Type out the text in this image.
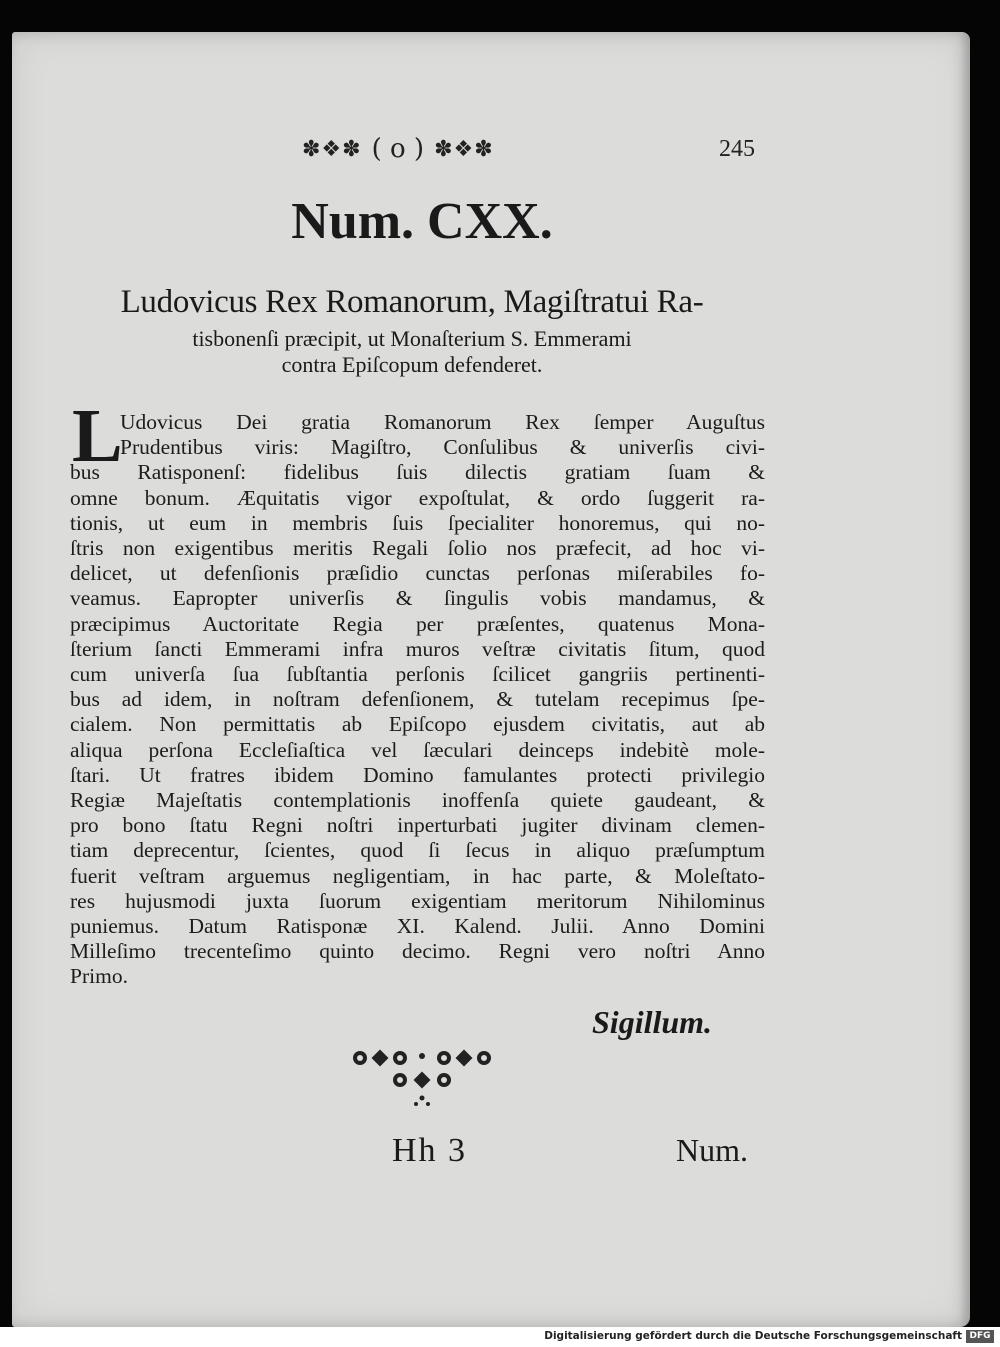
✽❖✽ ( o ) ✽❖✽	245
Num. CXX.
Ludovicus Rex Romanorum, Magiſtratui Ra-
tisbonenſi præcipit, ut Monaſterium S. Emmerami
contra Epiſcopum defenderet.
L
Udovicus Dei gratia Romanorum Rex ſemper Auguſtus
Prudentibus viris: Magiſtro, Conſulibus & univerſis civi-
bus Ratisponenſ: fidelibus ſuis dilectis gratiam ſuam &
omne bonum. Æquitatis vigor expoſtulat, & ordo ſuggerit ra-
tionis, ut eum in membris ſuis ſpecialiter honoremus, qui no-
ſtris non exigentibus meritis Regali ſolio nos præfecit, ad hoc vi-
delicet, ut defenſionis præſidio cunctas perſonas miſerabiles fo-
veamus. Eapropter univerſis & ſingulis vobis mandamus, &
præcipimus Auctoritate Regia per præſentes, quatenus Mona-
ſterium ſancti Emmerami infra muros veſtræ civitatis ſitum, quod
cum univerſa ſua ſubſtantia perſonis ſcilicet gangriis pertinenti-
bus ad idem, in noſtram defenſionem, & tutelam recepimus ſpe-
cialem. Non permittatis ab Epiſcopo ejusdem civitatis, aut ab
aliqua perſona Eccleſiaſtica vel ſæculari deinceps indebitè mole-
ſtari. Ut fratres ibidem Domino famulantes protecti privilegio
Regiæ Majeſtatis contemplationis inoffenſa quiete gaudeant, &
pro bono ſtatu Regni noſtri inperturbati jugiter divinam clemen-
tiam deprecentur, ſcientes, quod ſi ſecus in aliquo præſumptum
fuerit veſtram arguemus negligentiam, in hac parte, & Moleſtato-
res hujusmodi juxta ſuorum exigentiam meritorum Nihilominus
puniemus. Datum Ratisponæ XI. Kalend. Julii. Anno Domini
Milleſimo trecenteſimo quinto decimo. Regni vero noſtri Anno
Primo.
Sigillum.
Hh 3	Num.
Digitalisierung gefördert durch die Deutsche Forschungsgemeinschaft DFG
